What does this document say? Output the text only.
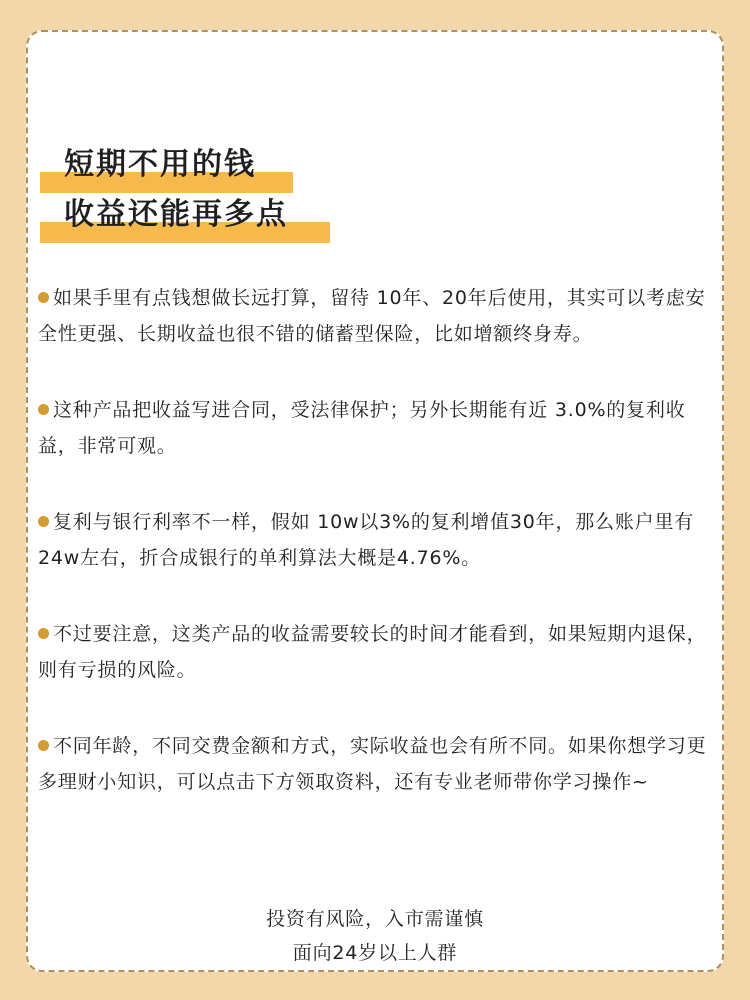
短期不用的钱
收益还能再多点
如果手里有点钱想做长远打算，留待 10年、20年后使用，其实可以考虑安全性更强、长期收益也很不错的储蓄型保险，比如增额终身寿。
这种产品把收益写进合同，受法律保护；另外长期能有近 3.0%的复利收益，非常可观。
复利与银行利率不一样，假如 10w以3%的复利增值30年，那么账户里有24w左右，折合成银行的单利算法大概是4.76%。
不过要注意，这类产品的收益需要较长的时间才能看到，如果短期内退保，则有亏损的风险。
不同年龄，不同交费金额和方式，实际收益也会有所不同。如果你想学习更多理财小知识，可以点击下方领取资料，还有专业老师带你学习操作~
投资有风险，入市需谨慎
面向24岁以上人群
